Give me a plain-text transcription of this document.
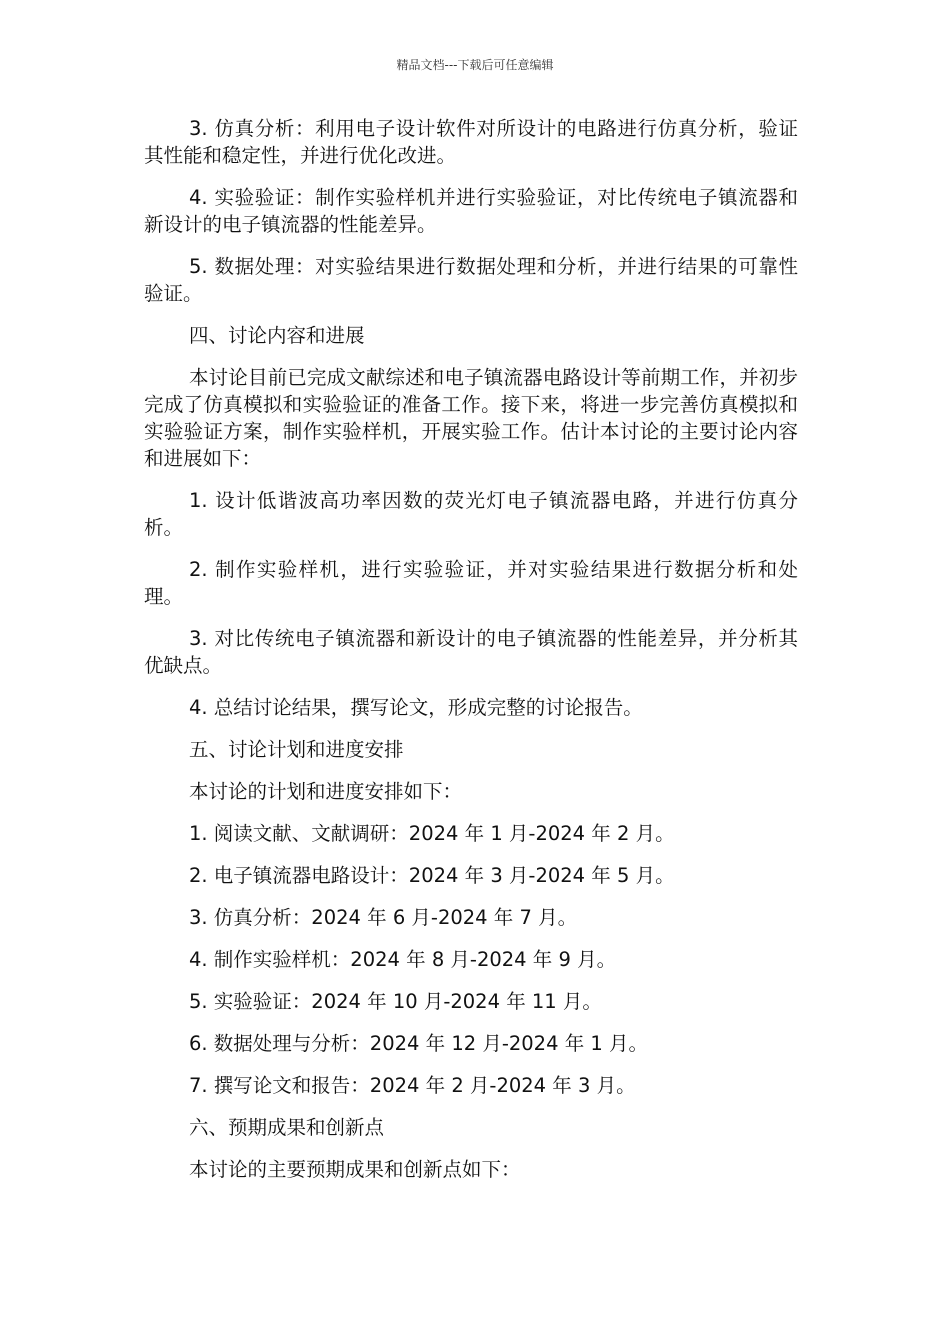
精品文档---下载后可任意编辑

3. 仿真分析：利用电子设计软件对所设计的电路进行仿真分析，验证其性能和稳定性，并进行优化改进。

4. 实验验证：制作实验样机并进行实验验证，对比传统电子镇流器和新设计的电子镇流器的性能差异。

5. 数据处理：对实验结果进行数据处理和分析，并进行结果的可靠性验证。

四、讨论内容和进展

本讨论目前已完成文献综述和电子镇流器电路设计等前期工作，并初步完成了仿真模拟和实验验证的准备工作。接下来，将进一步完善仿真模拟和实验验证方案，制作实验样机，开展实验工作。估计本讨论的主要讨论内容和进展如下：

1. 设计低谐波高功率因数的荧光灯电子镇流器电路，并进行仿真分析。

2. 制作实验样机，进行实验验证，并对实验结果进行数据分析和处理。

3. 对比传统电子镇流器和新设计的电子镇流器的性能差异，并分析其优缺点。

4. 总结讨论结果，撰写论文，形成完整的讨论报告。

五、讨论计划和进度安排

本讨论的计划和进度安排如下：

1. 阅读文献、文献调研：2024 年 1 月-2024 年 2 月。

2. 电子镇流器电路设计：2024 年 3 月-2024 年 5 月。

3. 仿真分析：2024 年 6 月-2024 年 7 月。

4. 制作实验样机：2024 年 8 月-2024 年 9 月。

5. 实验验证：2024 年 10 月-2024 年 11 月。

6. 数据处理与分析：2024 年 12 月-2024 年 1 月。

7. 撰写论文和报告：2024 年 2 月-2024 年 3 月。

六、预期成果和创新点

本讨论的主要预期成果和创新点如下：
